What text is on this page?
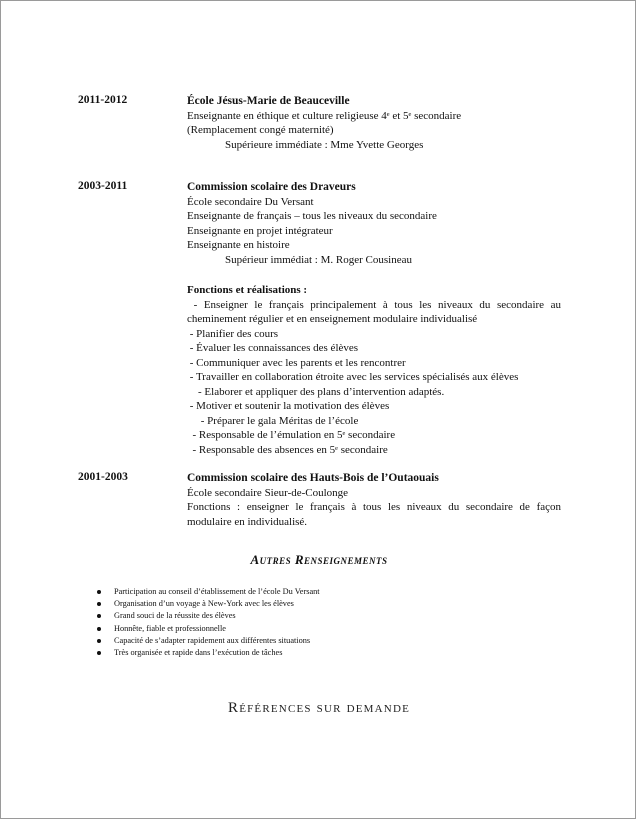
2011-2012	École Jésus-Marie de Beauceville
Enseignante en éthique et culture religieuse 4ᵉ et 5ᵉ secondaire
(Remplacement congé maternité)
Supérieure immédiate : Mme Yvette Georges
2003-2011	Commission scolaire des Draveurs
École secondaire Du Versant
Enseignante de français – tous les niveaux du secondaire
Enseignante en projet intégrateur
Enseignante en histoire
Supérieur immédiat : M. Roger Cousineau
Fonctions et réalisations :
- Enseigner le français principalement à tous les niveaux du secondaire au cheminement régulier et en enseignement modulaire individualisé
- Planifier des cours
- Évaluer les connaissances des élèves
- Communiquer avec les parents et les rencontrer
- Travailler en collaboration étroite avec les services spécialisés aux élèves
- Elaborer et appliquer des plans d’intervention adaptés.
- Motiver et soutenir la motivation des élèves
- Préparer le gala Méritas de l’école
- Responsable de l’émulation en 5ᵉ secondaire
- Responsable des absences en 5ᵉ secondaire
2001-2003	Commission scolaire des Hauts-Bois de l’Outaouais
École secondaire Sieur-de-Coulonge
Fonctions : enseigner le français à tous les niveaux du secondaire de façon modulaire en individualisé.
Autres Renseignements
Participation au conseil d’établissement de l’école Du Versant
Organisation d’un voyage à New-York avec les élèves
Grand souci de la réussite des élèves
Honnête, fiable et professionnelle
Capacité de s’adapter rapidement aux différentes situations
Très organisée et rapide dans l’exécution de tâches
Références sur demande
